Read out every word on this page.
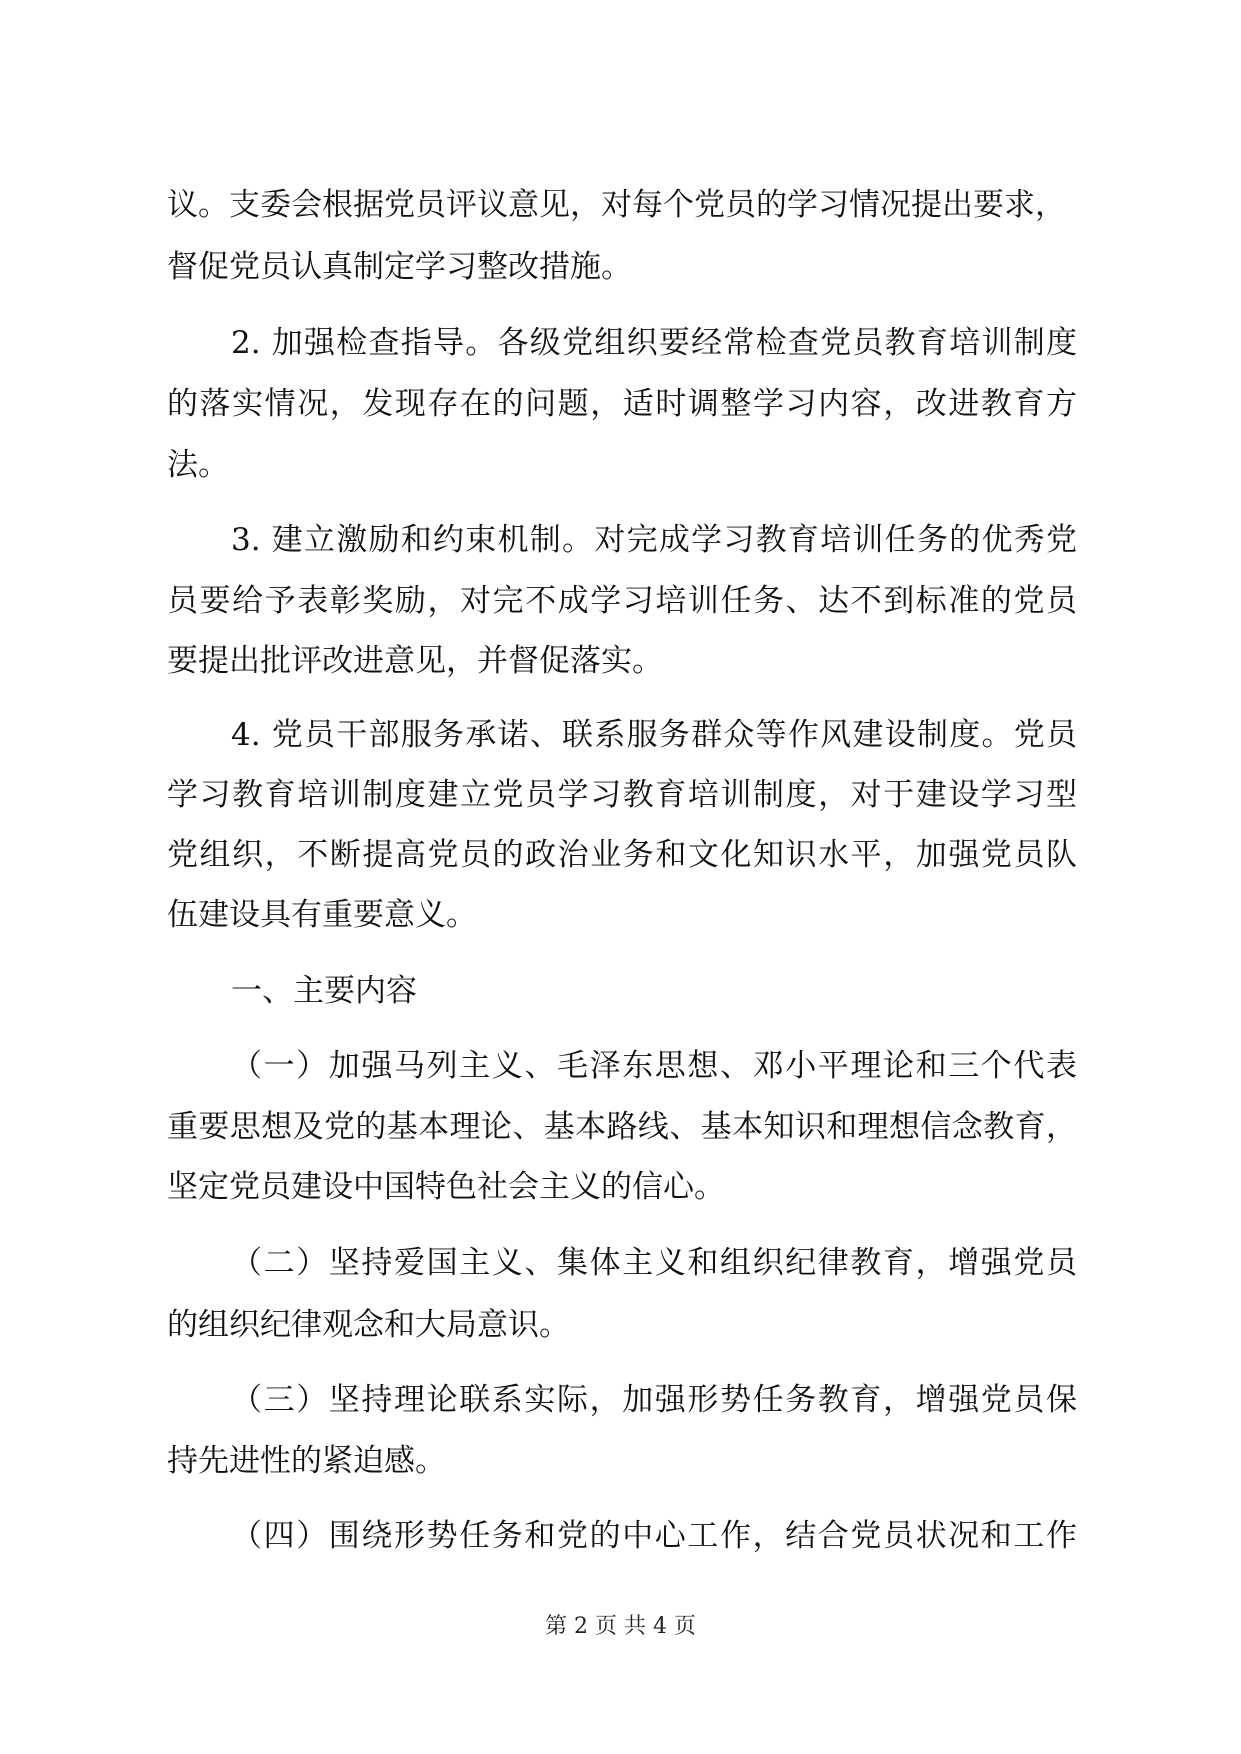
议。支委会根据党员评议意见，对每个党员的学习情况提出要求，
督促党员认真制定学习整改措施。
2. 加强检查指导。各级党组织要经常检查党员教育培训制度
的落实情况，发现存在的问题，适时调整学习内容，改进教育方
法。
3. 建立激励和约束机制。对完成学习教育培训任务的优秀党
员要给予表彰奖励，对完不成学习培训任务、达不到标准的党员
要提出批评改进意见，并督促落实。
4. 党员干部服务承诺、联系服务群众等作风建设制度。党员
学习教育培训制度建立党员学习教育培训制度，对于建设学习型
党组织，不断提高党员的政治业务和文化知识水平，加强党员队
伍建设具有重要意义。
一、主要内容
（一）加强马列主义、毛泽东思想、邓小平理论和三个代表
重要思想及党的基本理论、基本路线、基本知识和理想信念教育，
坚定党员建设中国特色社会主义的信心。
（二）坚持爱国主义、集体主义和组织纪律教育，增强党员
的组织纪律观念和大局意识。
（三）坚持理论联系实际，加强形势任务教育，增强党员保
持先进性的紧迫感。
（四）围绕形势任务和党的中心工作，结合党员状况和工作
第 2 页 共 4 页
